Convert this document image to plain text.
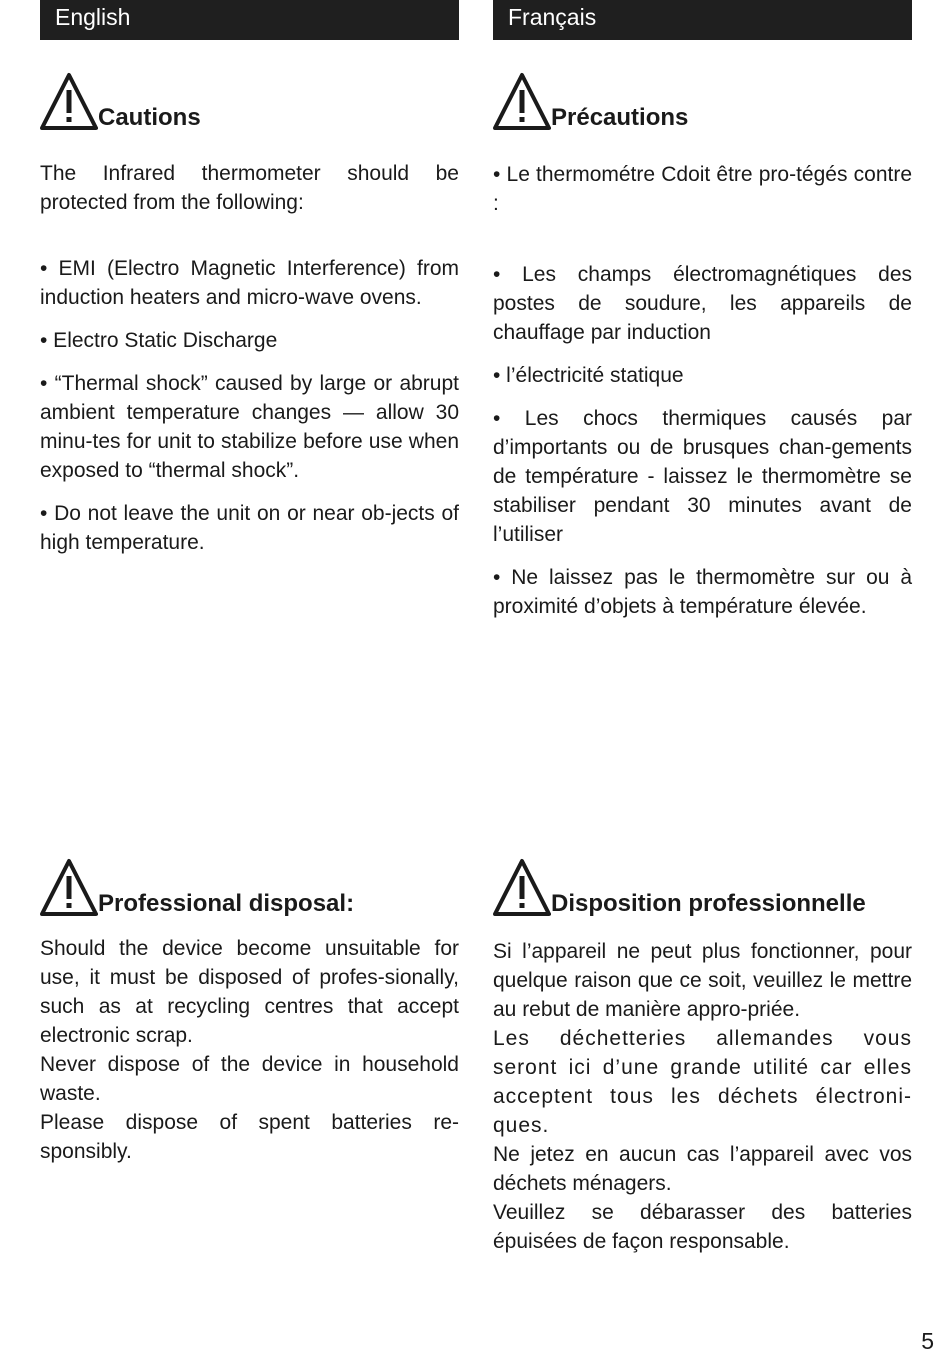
English	Français
Cautions

The Infrared thermometer should be protected from the following:

• EMI (Electro Magnetic Interference) from induction heaters and micro-wave ovens.

• Electro Static Discharge

• “Thermal shock” caused by large or abrupt ambient temperature changes — allow 30 minu-tes for unit to stabilize before use when exposed to “thermal shock”.

• Do not leave the unit on or near ob-jects of high temperature.

Précautions

• Le thermométre Cdoit être pro-tégés contre :

• Les champs électromagnétiques des postes de soudure, les appareils de chauffage par induction

• l’électricité statique

• Les chocs thermiques causés par d’importants ou de brusques chan-gements de température - laissez le thermomètre se stabiliser pendant 30 minutes avant de l’utiliser

• Ne laissez pas le thermomètre sur ou à proximité d’objets à température élevée.

Professional disposal:

Should the device become unsuitable for use, it must be disposed of profes-sionally, such as at recycling centres that accept electronic scrap.

Never dispose of the device in household waste.

Please dispose of spent batteries re-sponsibly.

Disposition professionnelle

Si l’appareil ne peut plus fonctionner, pour quelque raison que ce soit, veuillez le mettre au rebut de manière appro-priée.

Les déchetteries allemandes vous seront ici d’une grande utilité car elles acceptent tous les déchets électroni-ques.

Ne jetez en aucun cas l’appareil avec vos déchets ménagers.

Veuillez se débarasser des batteries épuisées de façon responsable.

5
